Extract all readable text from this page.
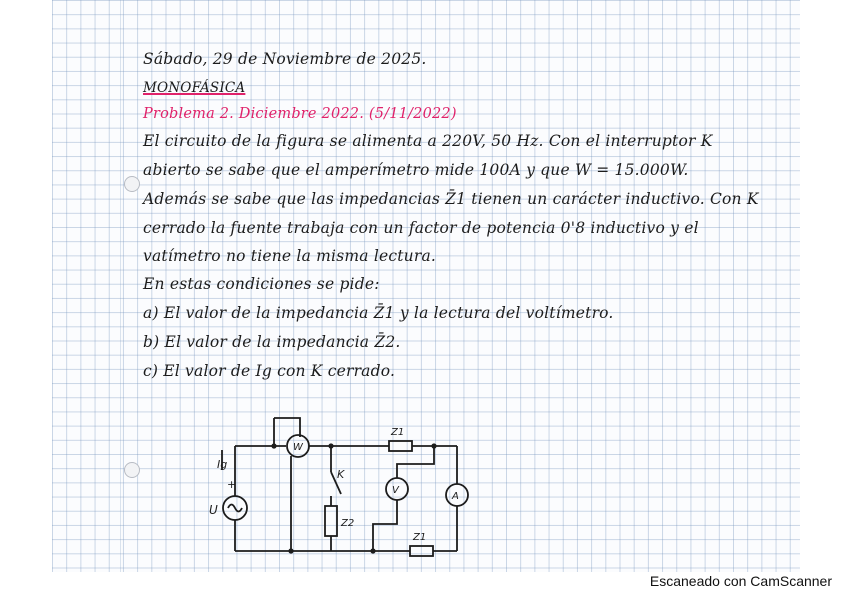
Sábado, 29 de Noviembre de 2025.
MONOFÁSICA
Problema 2. Diciembre 2022. (5/11/2022)
El circuito de la figura se alimenta a 220V, 50 Hz. Con el interruptor K
abierto se sabe que el amperímetro mide 100A y que W = 15.000W.
Además se sabe que las impedancias Z̄1 tienen un carácter inductivo. Con K
cerrado la fuente trabaja con un factor de potencia 0'8 inductivo y el
vatímetro no tiene la misma lectura.
En estas condiciones se pide:
a) El valor de la impedancia Z̄1 y la lectura del voltímetro.
b) El valor de la impedancia Z̄2.
c) El valor de Ig con K cerrado.
Ig
+
U
W
V
A
K
Z1
Z1
Z2
Escaneado con CamScanner
